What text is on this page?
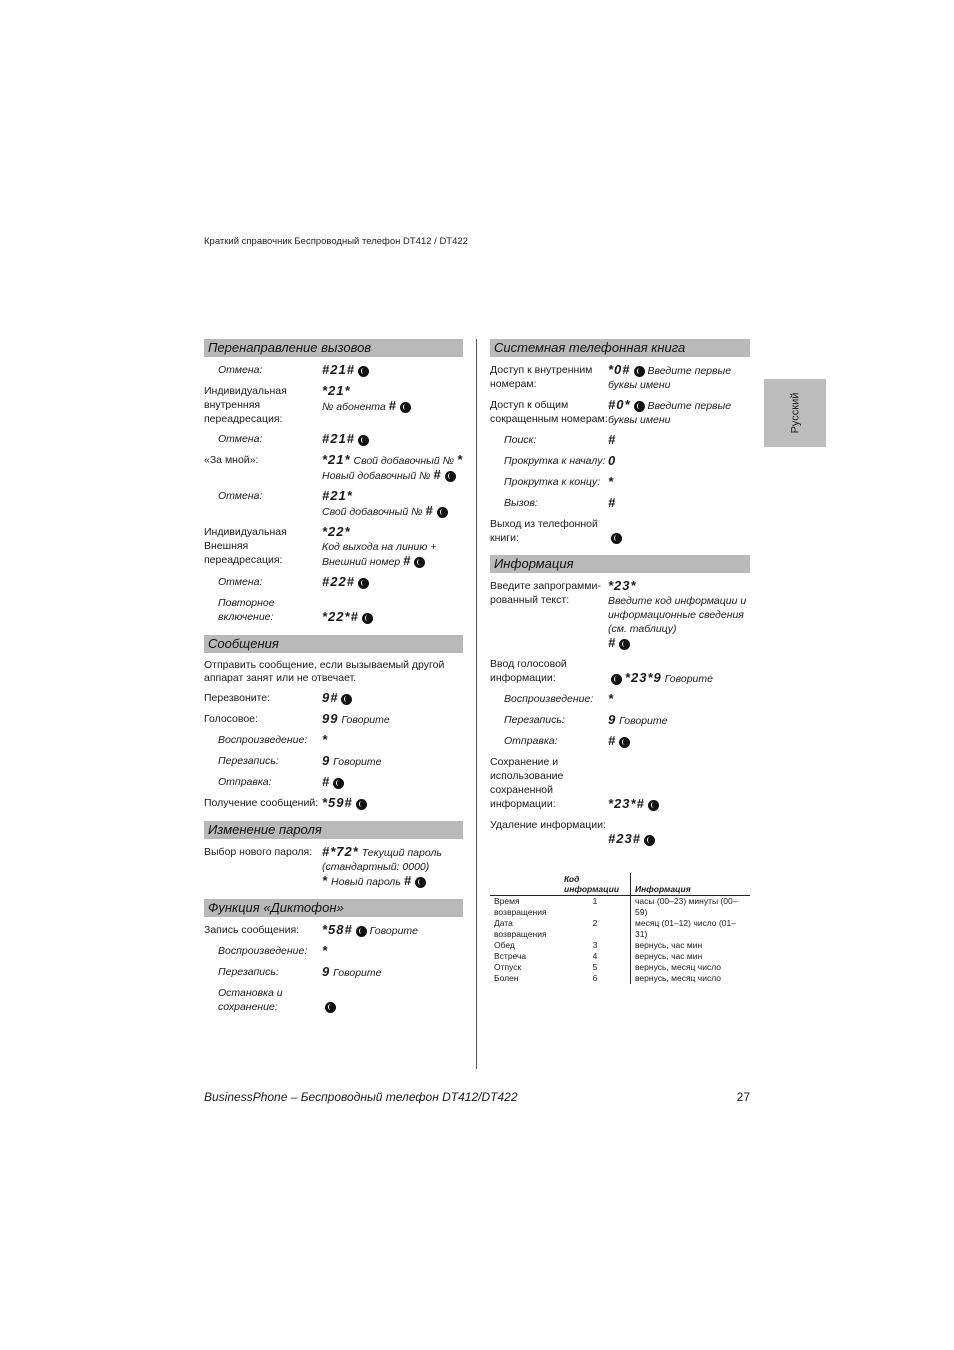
Краткий справочник Беспроводный телефон DT412 / DT422
Русский
Перенаправление вызовов
Отмена:	#21#
Индивидуальная внутренняя переадресация:
*21*
№ абонента #
Отмена:	#21#
«За мной»:	*21* Свой добавочный № * Новый добавочный № #
Отмена:	#21*
Свой добавочный № #
Индивидуальная Внешняя переадресация:
*22*
Код выхода на линию + Внешний номер #
Отмена:	#22#
Повторное включение:	*22*#
Сообщения
Отправить сообщение, если вызываемый другой аппарат занят или не отвечает.
Перезвоните:	9#
Голосовое:	99 Говорите
Воспроизведение:	*
Перезапись:	9 Говорите
Отправка:	#
Получение сообщений: *59#
Изменение пароля
Выбор нового пароля: #*72* Текущий пароль (стандартный: 0000)
* Новый пароль #
Функция «Диктофон»
Запись сообщения:	*58# Говорите
Воспроизведение:	*
Перезапись:	9 Говорите
Остановка и сохранение:

Системная телефонная книга
Доступ к внутренним номерам:
*0# Введите первые буквы имени
Доступ к общим сокращенным номерам:
#0* Введите первые буквы имени
Поиск:	#
Прокрутка к началу: 0
Прокрутка к концу: *
Вызов:	#
Выход из телефонной книги:

Информация
Введите запрограмми-рованный текст:
*23*
Введите код информации и информационные сведения (см. таблицу)
#
Ввод голосовой информации:	*23*9 Говорите
Воспроизведение:	*
Перезапись:	9 Говорите
Отправка:	#
Сохранение и использование сохраненной информации:	*23*#
Удаление информации:

#23#
	Код информации	Информация
Время возвращения	1	часы (00–23) минуты (00–59)
Дата возвращения	2	месяц (01–12) число (01–31)
Обед	3	вернусь, час мин
Встреча	4	вернусь, час мин
Отпуск	5	вернусь, месяц число
Болен	6	вернусь, месяц число
BusinessPhone – Беспроводный телефон DT412/DT422	27
